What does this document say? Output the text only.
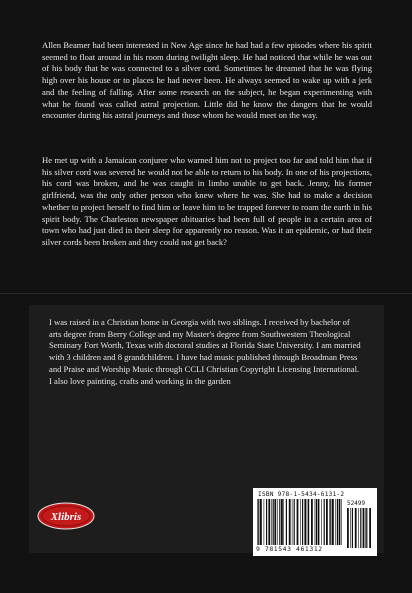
Allen Beamer had been interested in New Age since he had had a few episodes where his spirit seemed to float around in his room during twilight sleep. He had noticed that while he was out of his body that he was connected to a silver cord. Sometimes he dreamed that he was flying high over his house or to places he had never been. He always seemed to wake up with a jerk and the feeling of falling. After some research on the subject, he began experimenting with what he found was called astral projection. Little did he know the dangers that he would encounter during his astral journeys and those whom he would meet on the way.

He met up with a Jamaican conjurer who warned him not to project too far and told him that if his silver cord was severed he would not be able to return to his body. In one of his projections, his cord was broken, and he was caught in limbo unable to get back. Jenny, his former girlfriend, was the only other person who knew where he was. She had to make a decision whether to project herself to find him or leave him to be trapped forever to roam the earth in his spirit body. The Charleston newspaper obituaries had been full of people in a certain area of town who had just died in their sleep for apparently no reason. Was it an epidemic, or had their silver cords been broken and they could not get back?

I was raised in a Christian home in Georgia with two siblings. I received by bachelor of arts degree from Berry College and my Master's degree from Southwestern Theological Seminary Fort Worth, Texas with doctoral studies at Florida State University. I am married with 3 children and 8 grandchildren. I have had music published through Broadman Press and Praise and Worship Music through CCLI Christian Copyright Licensing International. I also love painting, crafts and working in the garden

Xlibris
ISBN 978-1-5434-6131-2
52499
9 781543 461312
